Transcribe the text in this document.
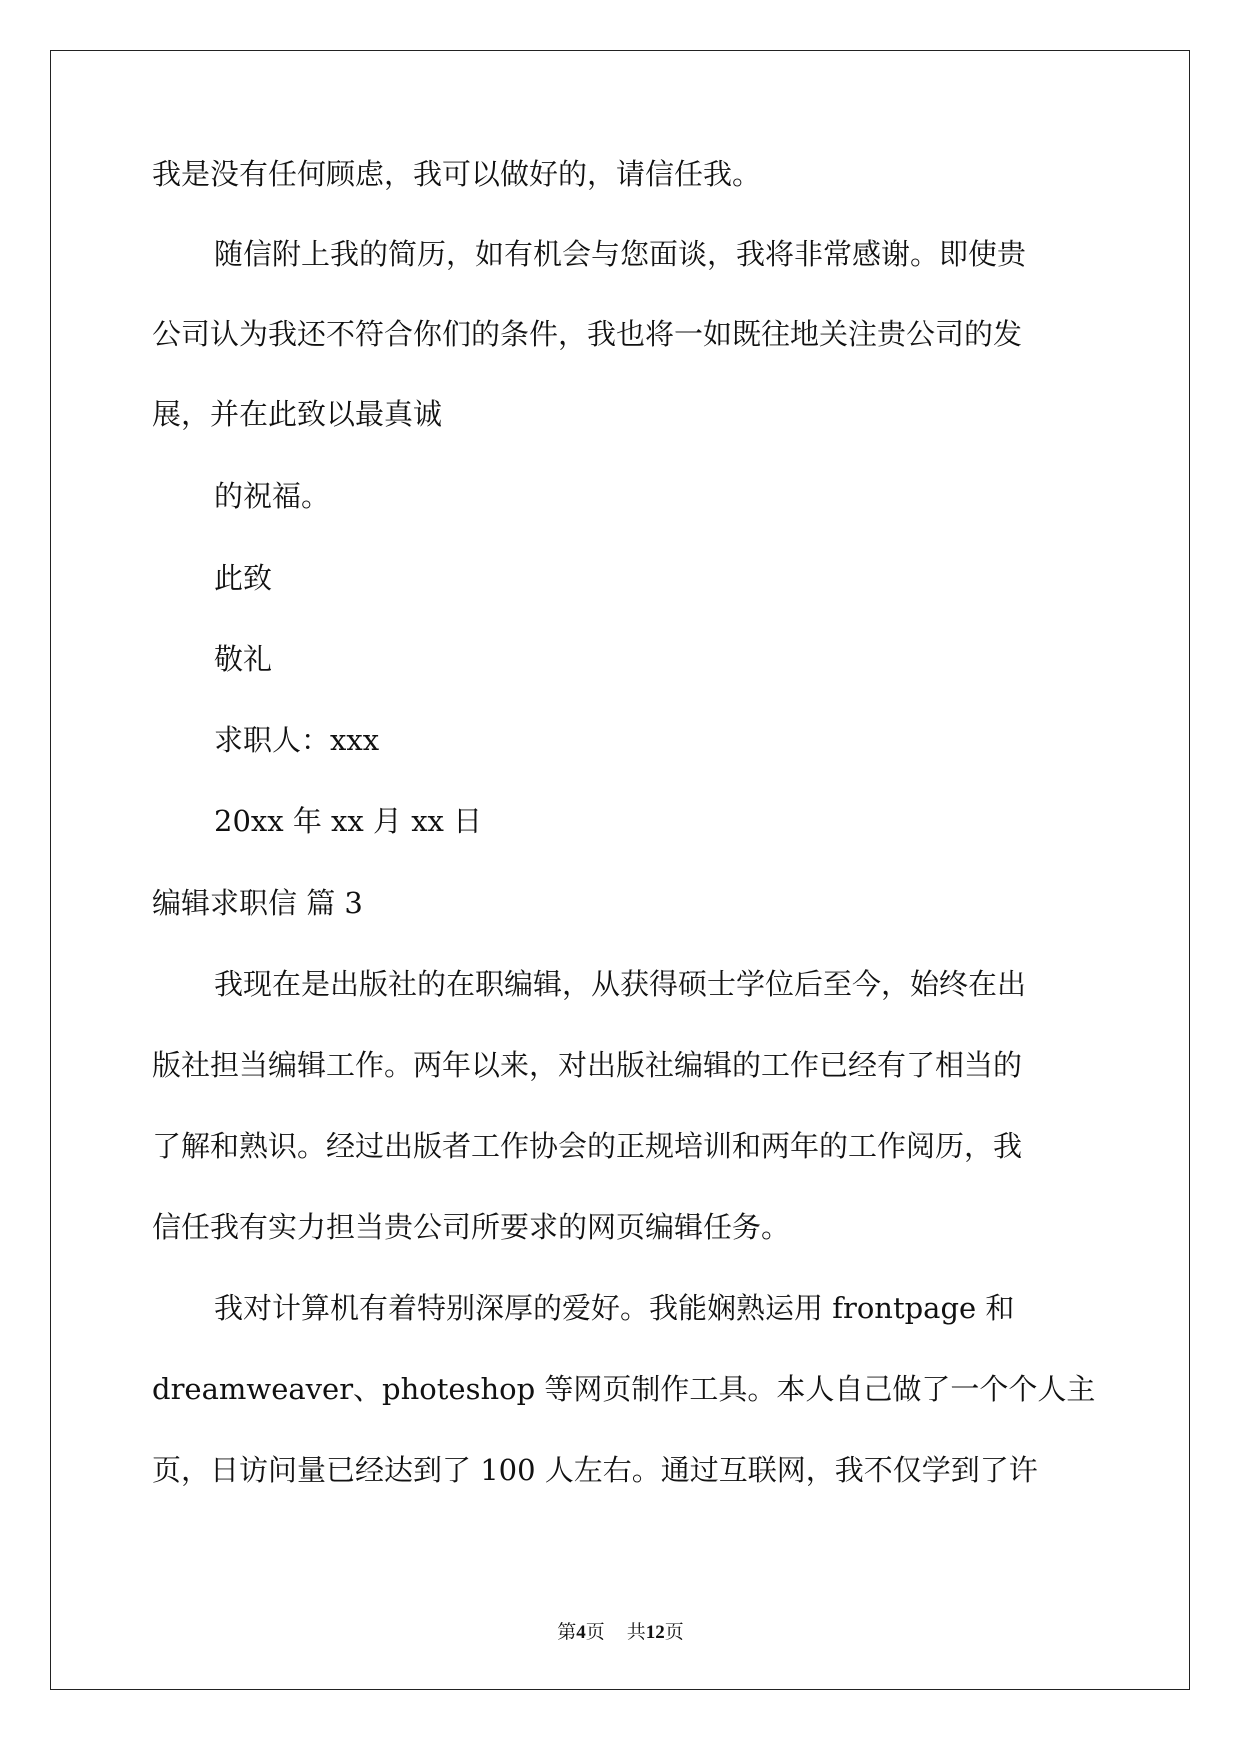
我是没有任何顾虑，我可以做好的，请信任我。
随信附上我的简历，如有机会与您面谈，我将非常感谢。即使贵
公司认为我还不符合你们的条件，我也将一如既往地关注贵公司的发
展，并在此致以最真诚
的祝福。
此致
敬礼
求职人：xxx
20xx 年 xx 月 xx 日
编辑求职信 篇 3
我现在是出版社的在职编辑，从获得硕士学位后至今，始终在出
版社担当编辑工作。两年以来，对出版社编辑的工作已经有了相当的
了解和熟识。经过出版者工作协会的正规培训和两年的工作阅历，我
信任我有实力担当贵公司所要求的网页编辑任务。
我对计算机有着特别深厚的爱好。我能娴熟运用 frontpage 和
dreamweaver、photeshop 等网页制作工具。本人自己做了一个个人主
页，日访问量已经达到了 100 人左右。通过互联网，我不仅学到了许
第4页 共12页
